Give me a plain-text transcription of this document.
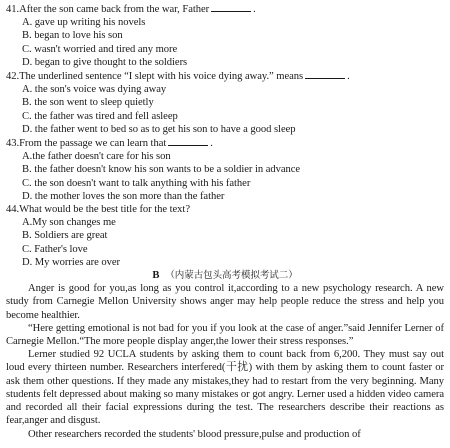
41.After the son came back from the war, Father	.
A. gave up writing his novels
B. began to love his son
C. wasn't worried and tired any more
D. began to give thought to the soldiers
42.The underlined sentence “I slept with his voice dying away.” means	.
A. the son's voice was dying away
B. the son went to sleep quietly
C. the father was tired and fell asleep
D. the father went to bed so as to get his son to have a good sleep
43.From the passage we can learn that	.
A.the father doesn't care for his son
B. the father doesn't know his son wants to be a soldier in advance
C. the son doesn't want to talk anything with his father
D. the mother loves the son more than the father
44.What would be the best title for the text?
A.My son changes me
B. Soldiers are great
C. Father's love
D. My worries are over
B （内蒙古包头高考模拟考试二）

Anger is good for you,as long as you control it,according to a new psychology research. A new study from Carnegie Mellon University shows anger may help people reduce the stress and help you become healthier.

“Here getting emotional is not bad for you if you look at the case of anger.”said Jennifer Lerner of Carnegie Mellon.“The more people display anger,the lower their stress responses.”

Lerner studied 92 UCLA students by asking them to count back from 6,200. They must say out loud every thirteen number. Researchers interfered(干扰) with them by asking them to count faster or ask them other questions. If they made any mistakes,they had to restart from the very beginning. Many students felt depressed about making so many mistakes or got angry. Lerner used a hidden video camera and recorded all their facial expressions during the test. The researchers describe their reactions as fear,anger and disgust.

Other researchers recorded the students' blood pressure,pulse and production of
